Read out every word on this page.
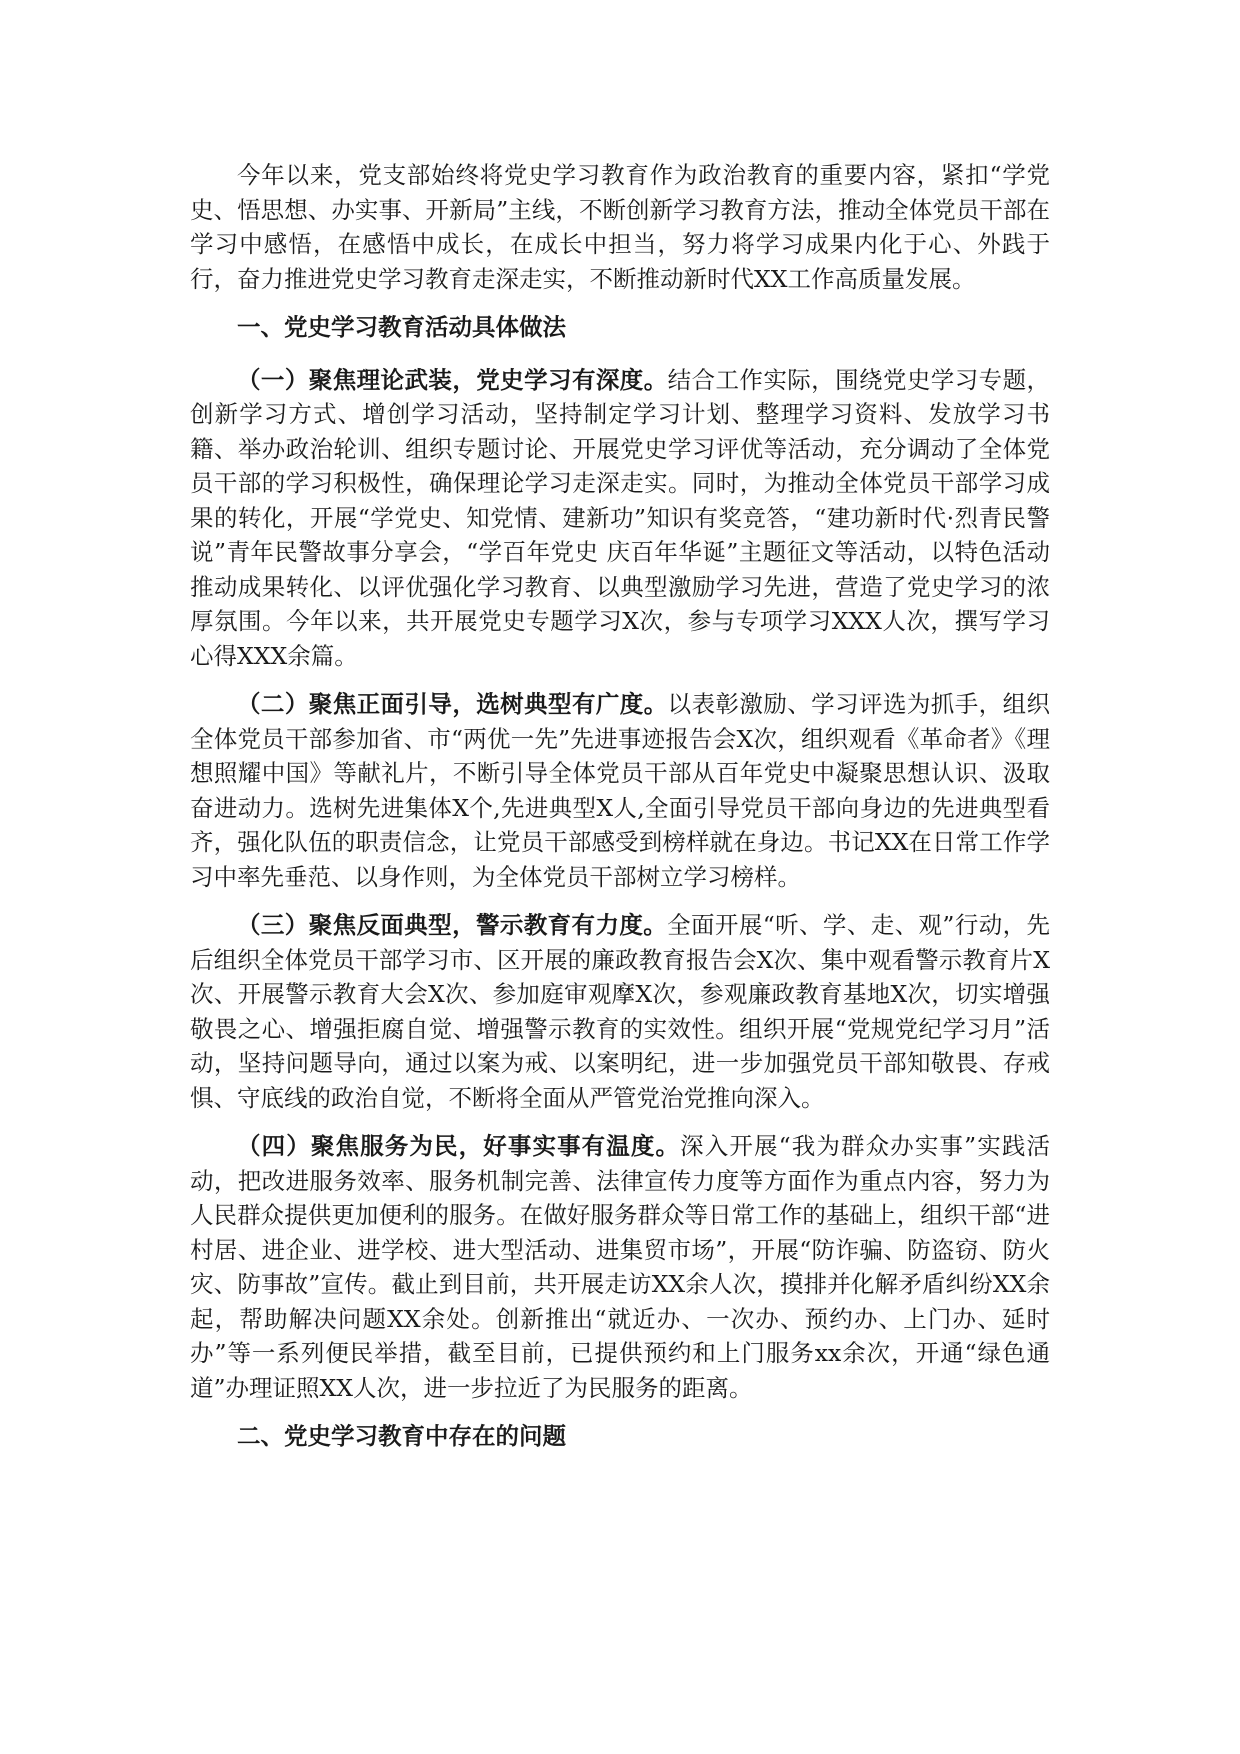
今年以来，党支部始终将党史学习教育作为政治教育的重要内容，紧扣“学党史、悟思想、办实事、开新局”主线，不断创新学习教育方法，推动全体党员干部在学习中感悟，在感悟中成长，在成长中担当，努力将学习成果内化于心、外践于行，奋力推进党史学习教育走深走实，不断推动新时代XX工作高质量发展。

一、党史学习教育活动具体做法

（一）聚焦理论武装，党史学习有深度。结合工作实际，围绕党史学习专题，创新学习方式、增创学习活动，坚持制定学习计划、整理学习资料、发放学习书籍、举办政治轮训、组织专题讨论、开展党史学习评优等活动，充分调动了全体党员干部的学习积极性，确保理论学习走深走实。同时，为推动全体党员干部学习成果的转化，开展“学党史、知党情、建新功”知识有奖竞答，“建功新时代·烈青民警说”青年民警故事分享会，“学百年党史 庆百年华诞”主题征文等活动，以特色活动推动成果转化、以评优强化学习教育、以典型激励学习先进，营造了党史学习的浓厚氛围。今年以来，共开展党史专题学习X次，参与专项学习XXX人次，撰写学习心得XXX余篇。

（二）聚焦正面引导，选树典型有广度。以表彰激励、学习评选为抓手，组织全体党员干部参加省、市“两优一先”先进事迹报告会X次，组织观看《革命者》《理想照耀中国》等献礼片，不断引导全体党员干部从百年党史中凝聚思想认识、汲取奋进动力。选树先进集体X个,先进典型X人,全面引导党员干部向身边的先进典型看齐，强化队伍的职责信念，让党员干部感受到榜样就在身边。书记XX在日常工作学习中率先垂范、以身作则，为全体党员干部树立学习榜样。

（三）聚焦反面典型，警示教育有力度。全面开展“听、学、走、观”行动，先后组织全体党员干部学习市、区开展的廉政教育报告会X次、集中观看警示教育片X次、开展警示教育大会X次、参加庭审观摩X次，参观廉政教育基地X次，切实增强敬畏之心、增强拒腐自觉、增强警示教育的实效性。组织开展“党规党纪学习月”活动，坚持问题导向，通过以案为戒、以案明纪，进一步加强党员干部知敬畏、存戒惧、守底线的政治自觉，不断将全面从严管党治党推向深入。

（四）聚焦服务为民，好事实事有温度。深入开展“我为群众办实事”实践活动，把改进服务效率、服务机制完善、法律宣传力度等方面作为重点内容，努力为人民群众提供更加便利的服务。在做好服务群众等日常工作的基础上，组织干部“进村居、进企业、进学校、进大型活动、进集贸市场”，开展“防诈骗、防盗窃、防火灾、防事故”宣传。截止到目前，共开展走访XX余人次，摸排并化解矛盾纠纷XX余起，帮助解决问题XX余处。创新推出“就近办、一次办、预约办、上门办、延时办”等一系列便民举措，截至目前，已提供预约和上门服务xx余次，开通“绿色通道”办理证照XX人次，进一步拉近了为民服务的距离。

二、党史学习教育中存在的问题
